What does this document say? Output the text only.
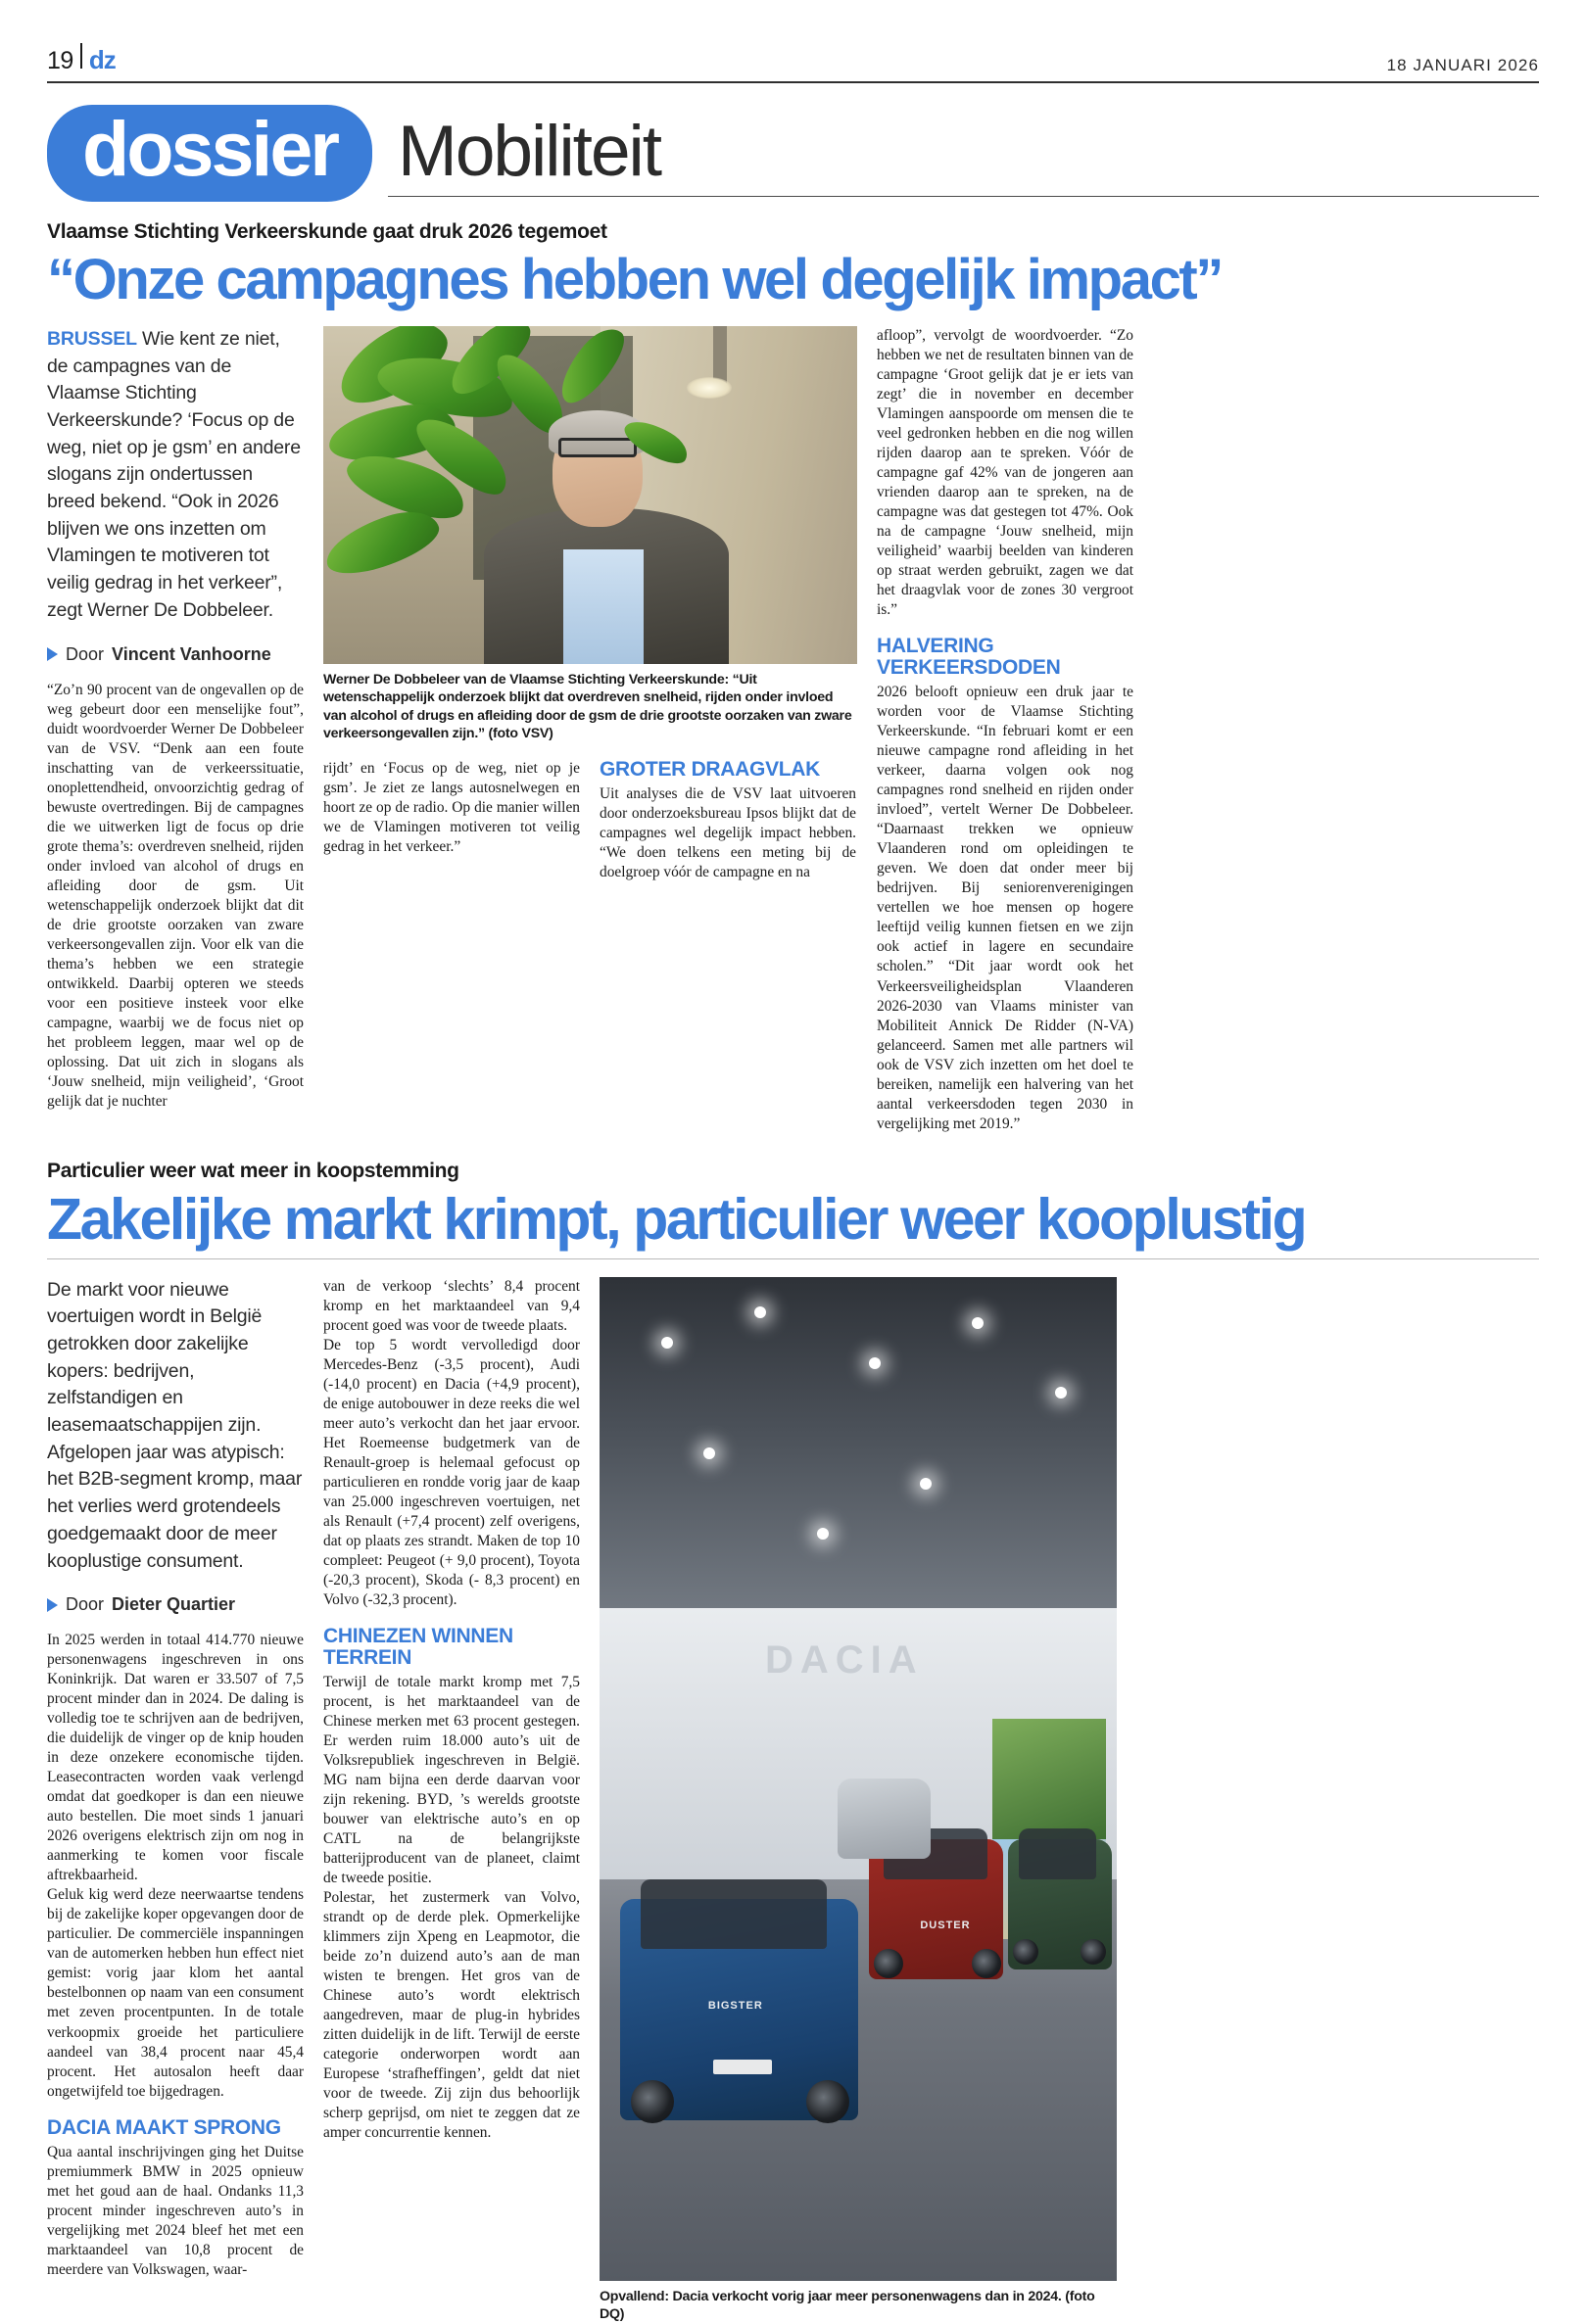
19 dz	18 JANUARI 2026
dossier Mobiliteit
Vlaamse Stichting Verkeerskunde gaat druk 2026 tegemoet
“Onze campagnes hebben wel degelijk impact”
BRUSSEL Wie kent ze niet, de campagnes van de Vlaamse Stichting Verkeerskunde? ‘Focus op de weg, niet op je gsm’ en andere slogans zijn ondertussen breed bekend. “Ook in 2026 blijven we ons inzetten om Vlamingen te motiveren tot veilig gedrag in het verkeer”, zegt Werner De Dobbeleer.
Door Vincent Vanhoorne
“Zo’n 90 procent van de ongevallen op de weg gebeurt door een menselijke fout”, duidt woordvoerder Werner De Dobbeleer van de VSV. “Denk aan een foute inschatting van de verkeerssituatie, onoplettendheid, onvoorzichtig gedrag of bewuste overtredingen. Bij de campagnes die we uitwerken ligt de focus op drie grote thema’s: overdreven snelheid, rijden onder invloed van alcohol of drugs en afleiding door de gsm. Uit wetenschappelijk onderzoek blijkt dat dit de drie grootste oorzaken van zware verkeersongevallen zijn. Voor elk van die thema’s hebben we een strategie ontwikkeld. Daarbij opteren we steeds voor een positieve insteek voor elke campagne, waarbij we de focus niet op het probleem leggen, maar wel op de oplossing. Dat uit zich in slogans als ‘Jouw snelheid, mijn veiligheid’, ‘Groot gelijk dat je nuchter
Werner De Dobbeleer van de Vlaamse Stichting Verkeerskunde: “Uit wetenschappelijk onderzoek blijkt dat overdreven snelheid, rijden onder invloed van alcohol of drugs en afleiding door de gsm de drie grootste oorzaken van zware verkeersongevallen zijn.” (foto VSV)
rijdt’ en ‘Focus op de weg, niet op je gsm’. Je ziet ze langs autosnelwegen en hoort ze op de radio. Op die manier willen we de Vlamingen motiveren tot veilig gedrag in het verkeer.”
GROTER DRAAGVLAK
Uit analyses die de VSV laat uitvoeren door onderzoeksbureau Ipsos blijkt dat de campagnes wel degelijk impact hebben. “We doen telkens een meting bij de doelgroep vóór de campagne en na
afloop”, vervolgt de woordvoerder. “Zo hebben we net de resultaten binnen van de campagne ‘Groot gelijk dat je er iets van zegt’ die in november en december Vlamingen aanspoorde om mensen die te veel gedronken hebben en die nog willen rijden daarop aan te spreken. Vóór de campagne gaf 42% van de jongeren aan vrienden daarop aan te spreken, na de campagne was dat gestegen tot 47%. Ook na de campagne ‘Jouw snelheid, mijn veiligheid’ waarbij beelden van kinderen op straat werden gebruikt, zagen we dat het draagvlak voor de zones 30 vergroot is.”
HALVERING VERKEERSDODEN
2026 belooft opnieuw een druk jaar te worden voor de Vlaamse Stichting Verkeerskunde. “In februari komt er een nieuwe campagne rond afleiding in het verkeer, daarna volgen ook nog campagnes rond snelheid en rijden onder invloed”, vertelt Werner De Dobbeleer. “Daarnaast trekken we opnieuw Vlaanderen rond om opleidingen te geven. We doen dat onder meer bij bedrijven. Bij seniorenverenigingen vertellen we hoe mensen op hogere leeftijd veilig kunnen fietsen en we zijn ook actief in lagere en secundaire scholen.” “Dit jaar wordt ook het Verkeersveiligheidsplan Vlaanderen 2026-2030 van Vlaams minister van Mobiliteit Annick De Ridder (N-VA) gelanceerd. Samen met alle partners wil ook de VSV zich inzetten om het doel te bereiken, namelijk een halvering van het aantal verkeersdoden tegen 2030 in vergelijking met 2019.”
Particulier weer wat meer in koopstemming
Zakelijke markt krimpt, particulier weer kooplustig
De markt voor nieuwe voertuigen wordt in België getrokken door zakelijke kopers: bedrijven, zelfstandigen en leasemaatschappijen zijn. Afgelopen jaar was atypisch: het B2B-segment kromp, maar het verlies werd grotendeels goedgemaakt door de meer kooplustige consument.
Door Dieter Quartier
In 2025 werden in totaal 414.770 nieuwe personenwagens ingeschreven in ons Koninkrijk. Dat waren er 33.507 of 7,5 procent minder dan in 2024. De daling is volledig toe te schrijven aan de bedrijven, die duidelijk de vinger op de knip houden in deze onzekere economische tijden. Leasecontracten worden vaak verlengd omdat dat goedkoper is dan een nieuwe auto bestellen. Die moet sinds 1 januari 2026 overigens elektrisch zijn om nog in aanmerking te komen voor fiscale aftrekbaarheid.
Geluk kig werd deze neerwaartse tendens bij de zakelijke koper opgevangen door de particulier. De commerciële inspanningen van de automerken hebben hun effect niet gemist: vorig jaar klom het aantal bestelbonnen op naam van een consument met zeven procentpunten. In de totale verkoopmix groeide het particuliere aandeel van 38,4 procent naar 45,4 procent. Het autosalon heeft daar ongetwijfeld toe bijgedragen.
DACIA MAAKT SPRONG
Qua aantal inschrijvingen ging het Duitse premiummerk BMW in 2025 opnieuw met het goud aan de haal. Ondanks 11,3 procent minder ingeschreven auto’s in vergelijking met 2024 bleef het met een marktaandeel van 10,8 procent de meerdere van Volkswagen, waar-
van de verkoop ‘slechts’ 8,4 procent kromp en het marktaandeel van 9,4 procent goed was voor de tweede plaats.
De top 5 wordt vervolledigd door Mercedes-Benz (-3,5 procent), Audi (-14,0 procent) en Dacia (+4,9 procent), de enige autobouwer in deze reeks die wel meer auto’s verkocht dan het jaar ervoor. Het Roemeense budgetmerk van de Renault-groep is helemaal gefocust op particulieren en rondde vorig jaar de kaap van 25.000 ingeschreven voertuigen, net als Renault (+7,4 procent) zelf overigens, dat op plaats zes strandt. Maken de top 10 compleet: Peugeot (+ 9,0 procent), Toyota (-20,3 procent), Skoda (- 8,3 procent) en Volvo (-32,3 procent).
CHINEZEN WINNEN TERREIN
Terwijl de totale markt kromp met 7,5 procent, is het marktaandeel van de Chinese merken met 63 procent gestegen. Er werden ruim 18.000 auto’s uit de Volksrepubliek ingeschreven in België. MG nam bijna een derde daarvan voor zijn rekening. BYD, ’s werelds grootste bouwer van elektrische auto’s en op CATL na de belangrijkste batterijproducent van de planeet, claimt de tweede positie.
Polestar, het zustermerk van Volvo, strandt op de derde plek. Opmerkelijke klimmers zijn Xpeng en Leapmotor, die beide zo’n duizend auto’s aan de man wisten te brengen. Het gros van de Chinese auto’s wordt elektrisch aangedreven, maar de plug-in hybrides zitten duidelijk in de lift. Terwijl de eerste categorie onderworpen wordt aan Europese ‘strafheffingen’, geldt dat niet voor de tweede. Zij zijn dus behoorlijk scherp geprijsd, om niet te zeggen dat ze amper concurrentie kennen.
DACIA
BIGSTER
DUSTER
Opvallend: Dacia verkocht vorig jaar meer personenwagens dan in 2024. (foto DQ)
